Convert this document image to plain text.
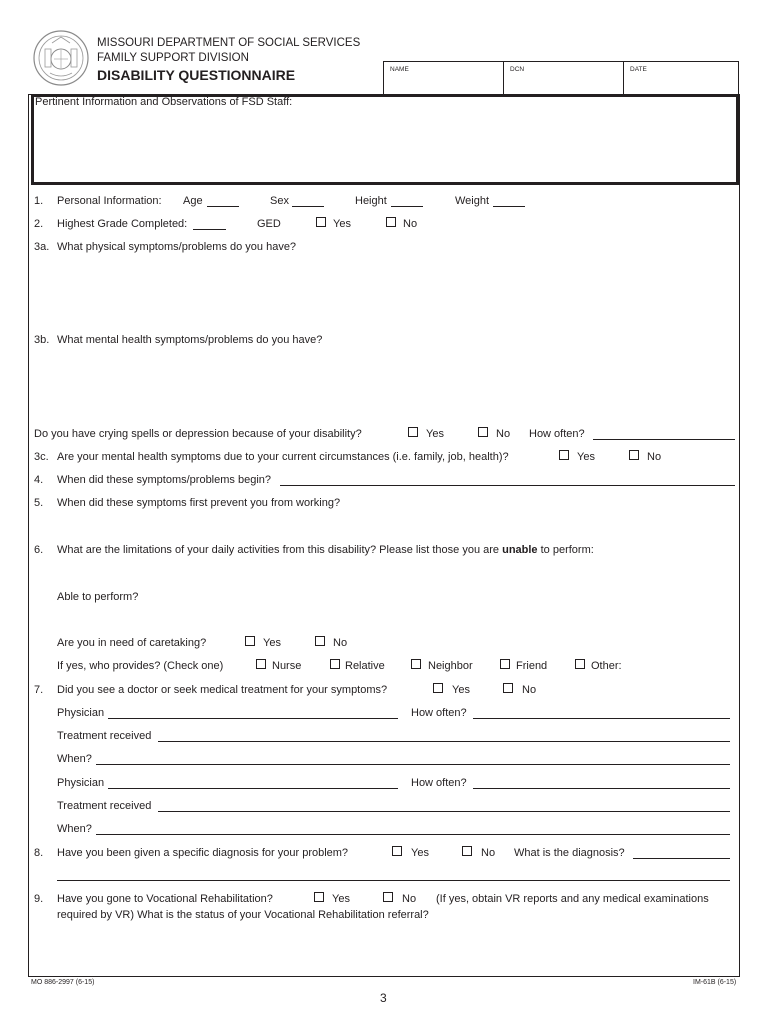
MISSOURI DEPARTMENT OF SOCIAL SERVICES
FAMILY SUPPORT DIVISION
DISABILITY QUESTIONNAIRE	NAME	DCN	DATE
Pertinent Information and Observations of FSD Staff:
1. Personal Information: Age	Sex	Height	Weight
2. Highest Grade Completed:	GED	Yes	No
3a. What physical symptoms/problems do you have?
3b. What mental health symptoms/problems do you have?
Do you have crying spells or depression because of your disability?	Yes	No How often?
3c. Are your mental health symptoms due to your current circumstances (i.e. family, job, health)?	Yes	No
4. When did these symptoms/problems begin?
5. When did these symptoms first prevent you from working?
6. What are the limitations of your daily activities from this disability? Please list those you are unable to perform:
Able to perform?
Are you in need of caretaking?	Yes	No
If yes, who provides? (Check one)	Nurse	Relative	Neighbor	Friend	Other:
7. Did you see a doctor or seek medical treatment for your symptoms?	Yes	No
Physician	How often?
Treatment received
When?
Physician	How often?
Treatment received
When?
8. Have you been given a specific diagnosis for your problem?	Yes	No What is the diagnosis?
9. Have you gone to Vocational Rehabilitation?	Yes	No (If yes, obtain VR reports and any medical examinations
required by VR) What is the status of your Vocational Rehabilitation referral?
MO 886-2997 (6-15)	IM-61B (6-15)
3
